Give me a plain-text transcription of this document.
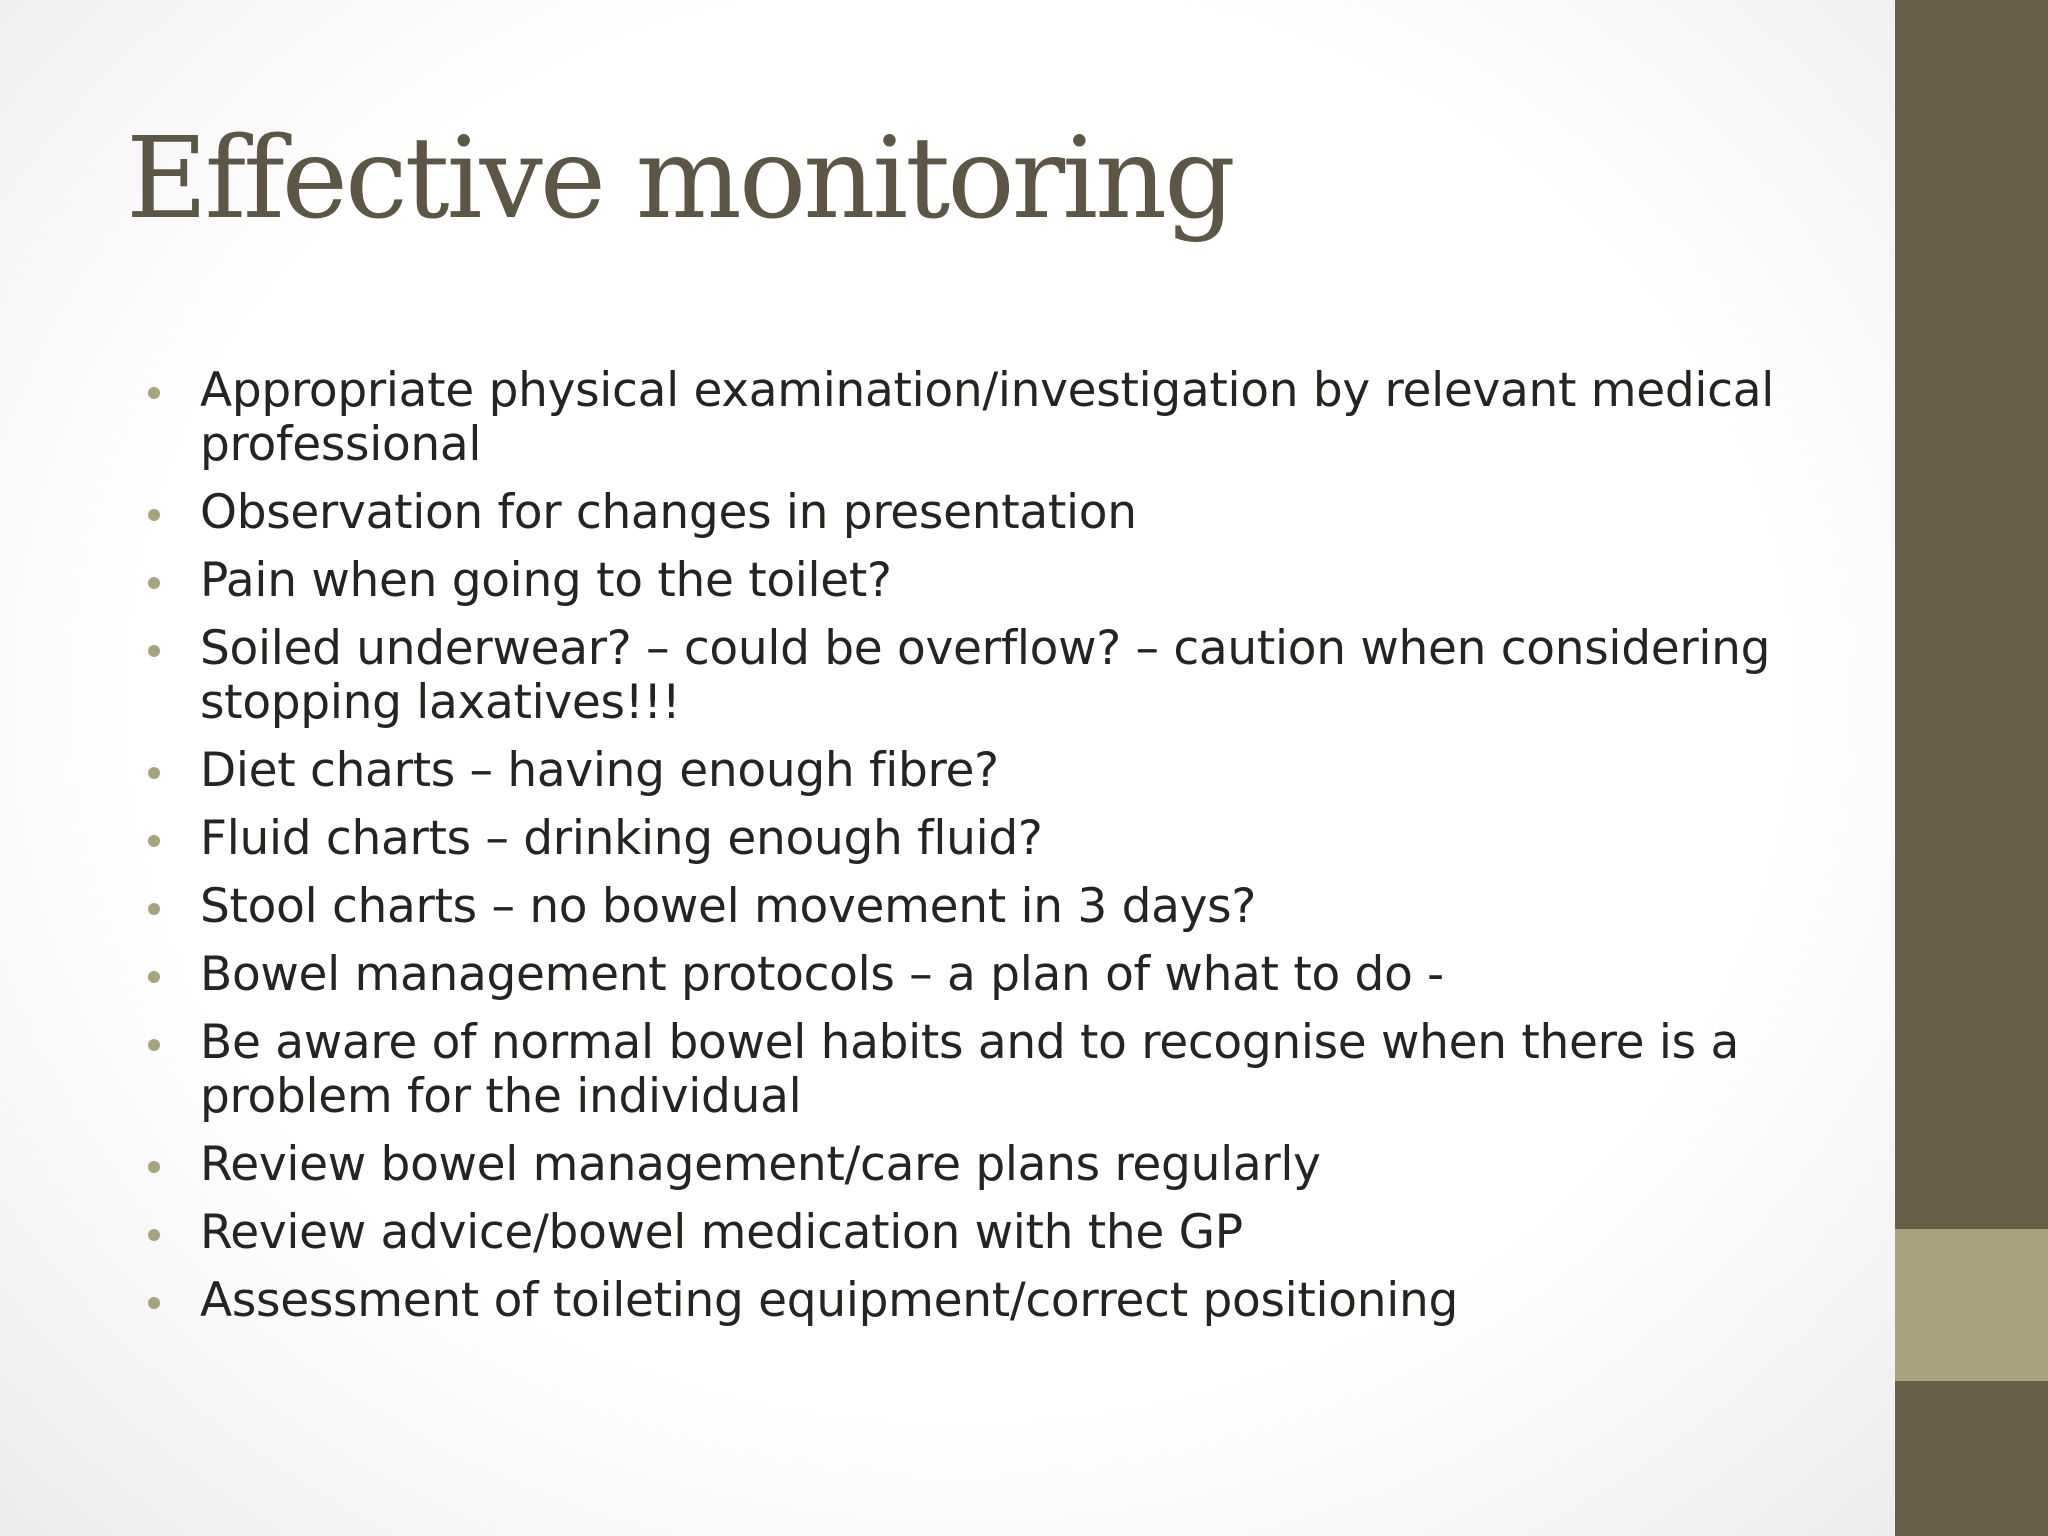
Effective monitoring
Appropriate physical examination/investigation by relevant medical professional
Observation for changes in presentation
Pain when going to the toilet?
Soiled underwear? – could be overflow? – caution when considering stopping laxatives!!!
Diet charts – having enough fibre?
Fluid charts – drinking enough fluid?
Stool charts – no bowel movement in 3 days?
Bowel management protocols – a plan of what to do -
Be aware of normal bowel habits and to recognise when there is a problem for the individual
Review bowel management/care plans regularly
Review advice/bowel medication with the GP
Assessment of toileting equipment/correct positioning
